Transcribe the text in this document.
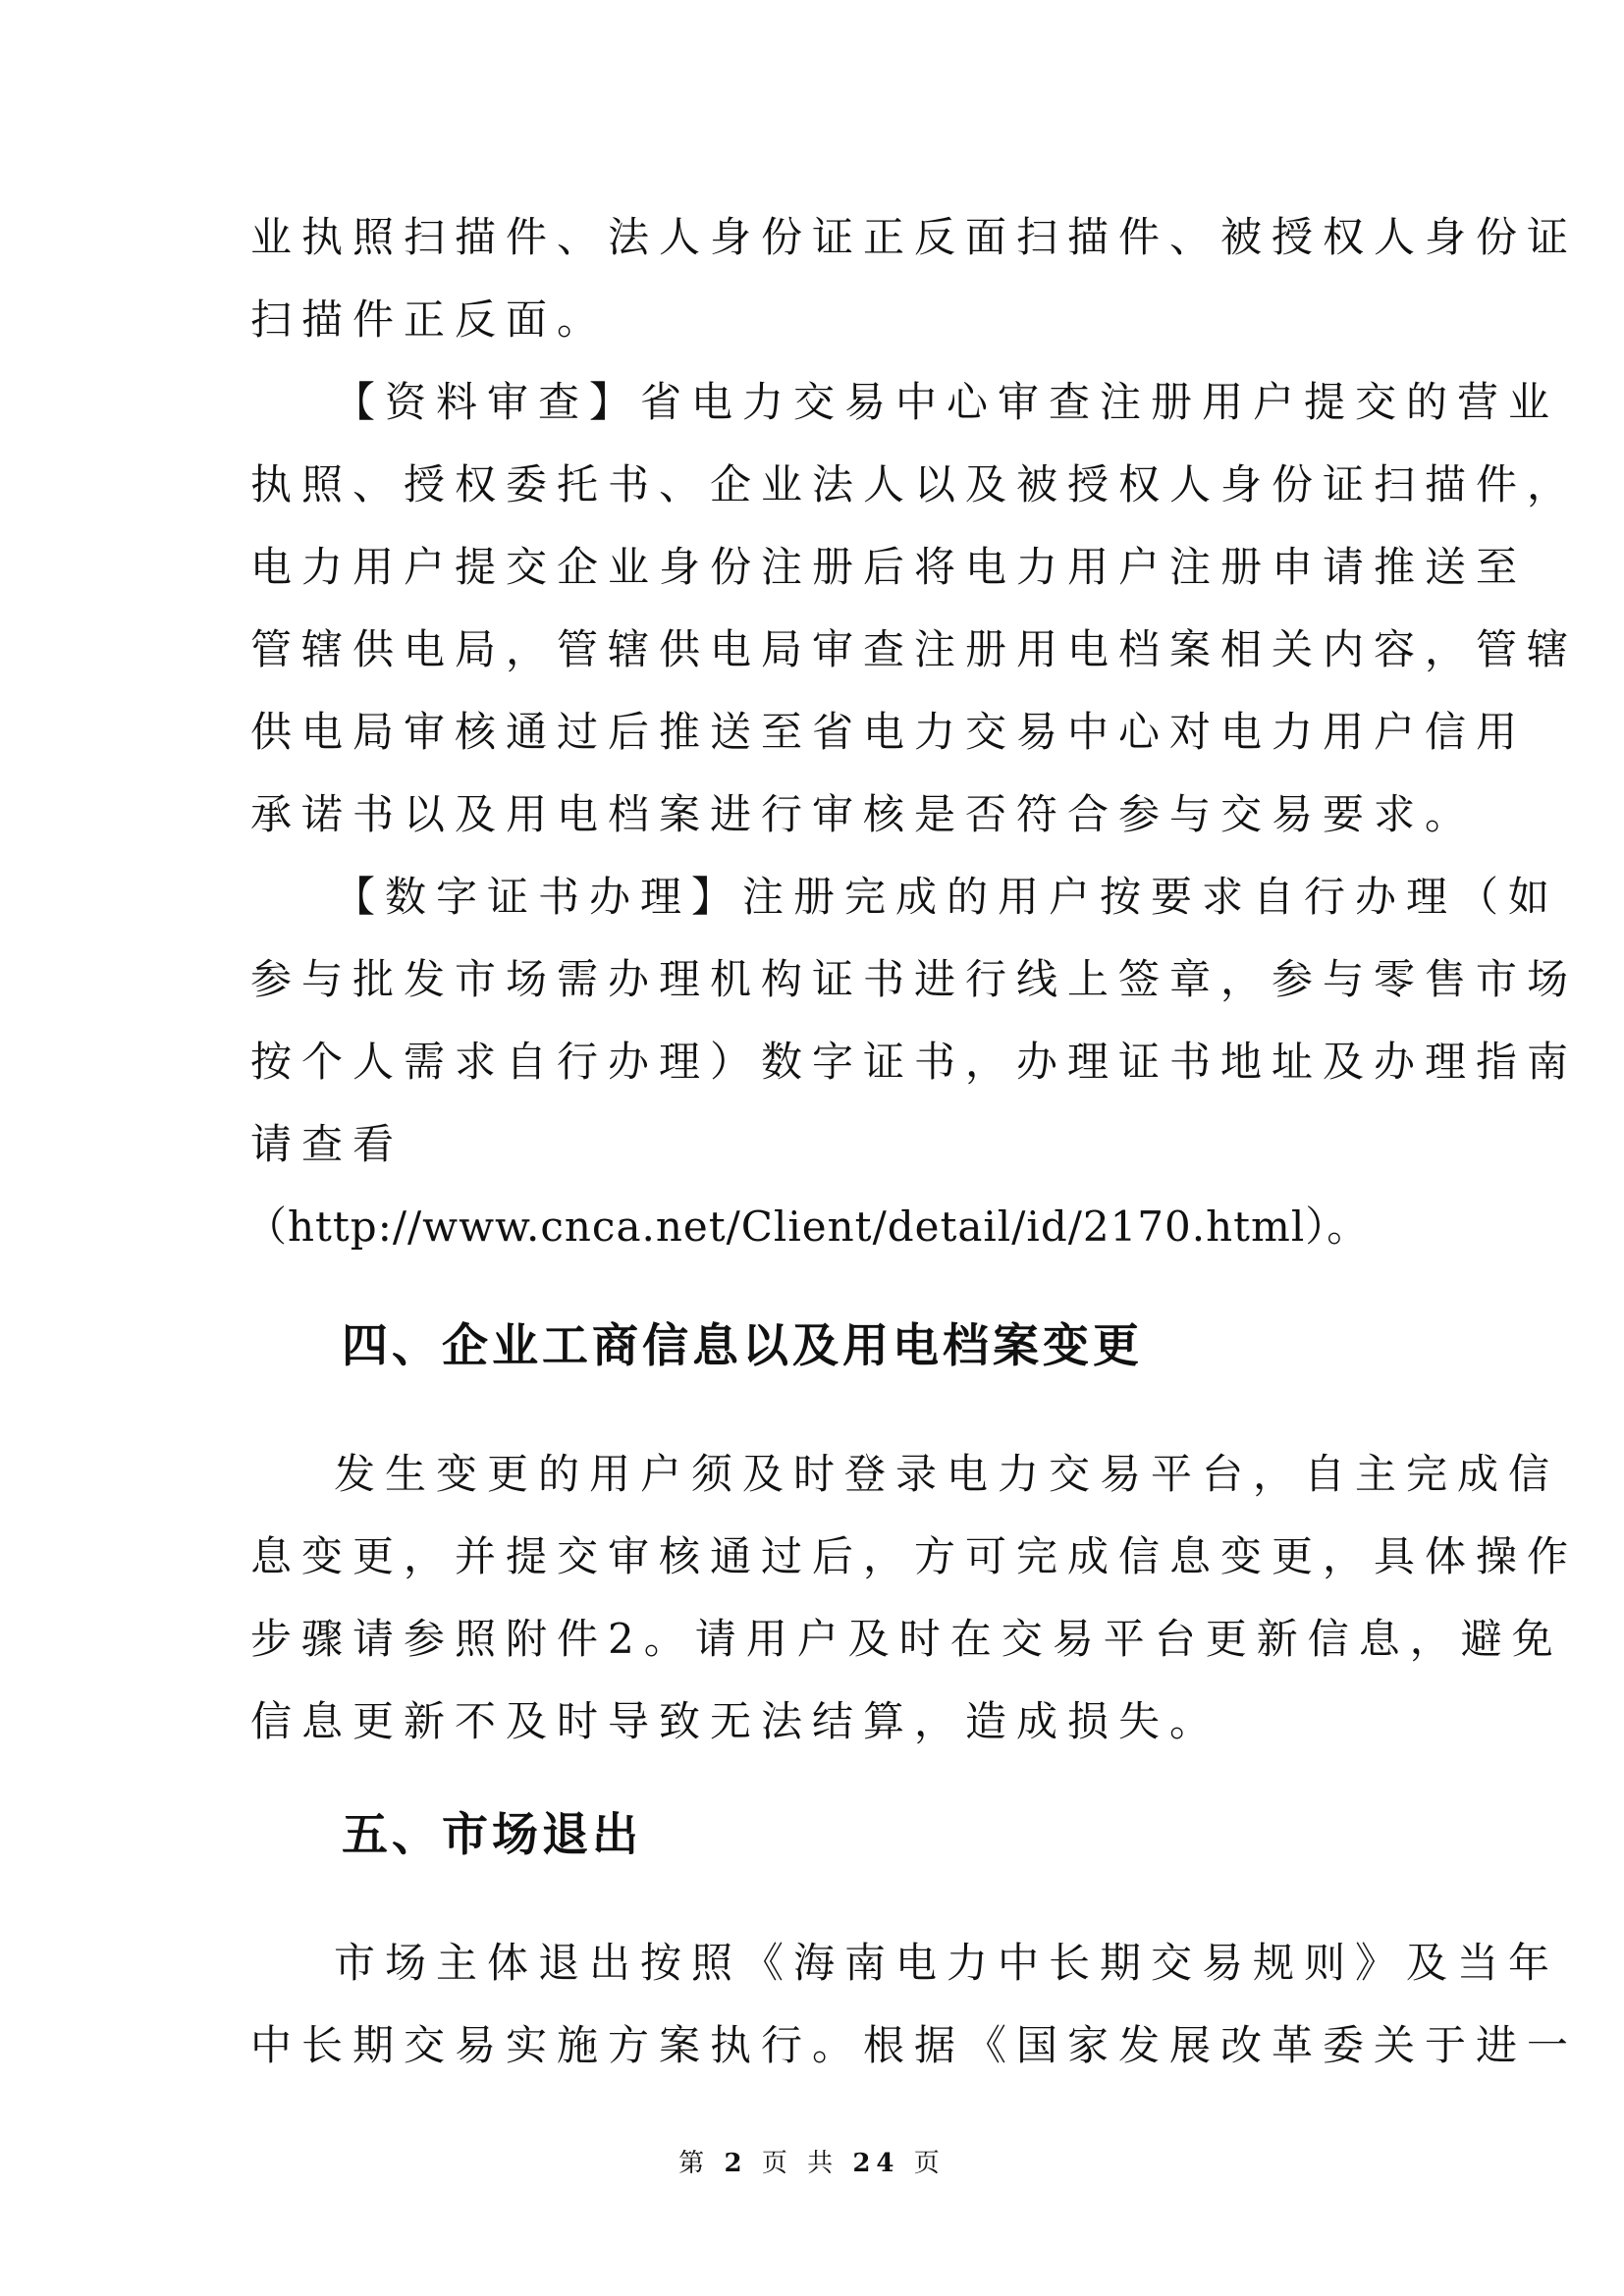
业执照扫描件、法人身份证正反面扫描件、被授权人身份证
扫描件正反面。
【资料审查】省电力交易中心审查注册用户提交的营业
执照、授权委托书、企业法人以及被授权人身份证扫描件，
电力用户提交企业身份注册后将电力用户注册申请推送至
管辖供电局，管辖供电局审查注册用电档案相关内容，管辖
供电局审核通过后推送至省电力交易中心对电力用户信用
承诺书以及用电档案进行审核是否符合参与交易要求。
【数字证书办理】注册完成的用户按要求自行办理（如
参与批发市场需办理机构证书进行线上签章，参与零售市场
按个人需求自行办理）数字证书，办理证书地址及办理指南
请查看
（http://www.cnca.net/Client/detail/id/2170.html）。
四、企业工商信息以及用电档案变更
发生变更的用户须及时登录电力交易平台，自主完成信
息变更，并提交审核通过后，方可完成信息变更，具体操作
步骤请参照附件2。请用户及时在交易平台更新信息，避免
信息更新不及时导致无法结算，造成损失。
五、市场退出
市场主体退出按照《海南电力中长期交易规则》及当年
中长期交易实施方案执行。根据《国家发展改革委关于进一
第 2 页 共 24 页
